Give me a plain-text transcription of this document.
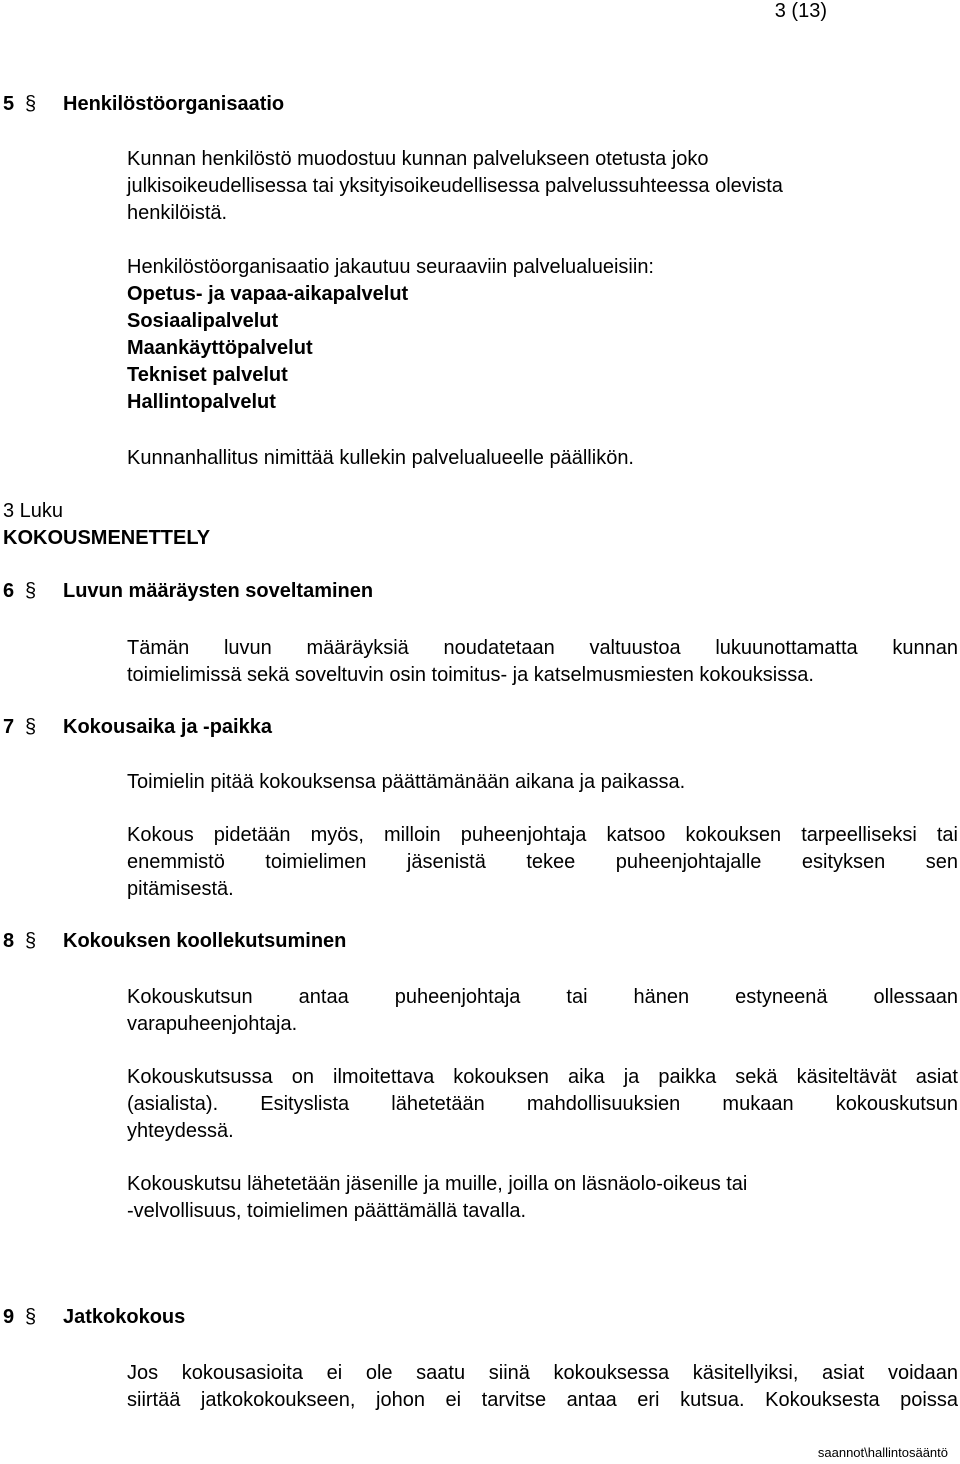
3 (13)
5 § Henkilöstöorganisaatio
Kunnan henkilöstö muodostuu kunnan palvelukseen otetusta joko
julkisoikeudellisessa tai yksityisoikeudellisessa palvelussuhteessa olevista
henkilöistä.
Henkilöstöorganisaatio jakautuu seuraaviin palvelualueisiin:
Opetus- ja vapaa-aikapalvelut
Sosiaalipalvelut
Maankäyttöpalvelut
Tekniset palvelut
Hallintopalvelut
Kunnanhallitus nimittää kullekin palvelualueelle päällikön.
3 Luku
KOKOUSMENETTELY
6 § Luvun määräysten soveltaminen

Tämän luvun määräyksiä noudatetaan valtuustoa lukuunottamatta kunnan

toimielimissä sekä soveltuvin osin toimitus- ja katselmusmiesten kokouksissa.

7 § Kokousaika ja -paikka
Toimielin pitää kokouksensa päättämänään aikana ja paikassa.

Kokous pidetään myös, milloin puheenjohtaja katsoo kokouksen tarpeelliseksi tai

enemmistö toimielimen jäsenistä tekee puheenjohtajalle esityksen sen

pitämisestä.

8 § Kokouksen koollekutsuminen

Kokouskutsun antaa puheenjohtaja tai hänen estyneenä ollessaan

varapuheenjohtaja.

Kokouskutsussa on ilmoitettava kokouksen aika ja paikka sekä käsiteltävät asiat

(asialista). Esityslista lähetetään mahdollisuuksien mukaan kokouskutsun

yhteydessä.

Kokouskutsu lähetetään jäsenille ja muille, joilla on läsnäolo-oikeus tai
-velvollisuus, toimielimen päättämällä tavalla.
9 § Jatkokokous

Jos kokousasioita ei ole saatu siinä kokouksessa käsitellyiksi, asiat voidaan

siirtää jatkokokoukseen, johon ei tarvitse antaa eri kutsua. Kokouksesta poissa

saannot\hallintosääntö
